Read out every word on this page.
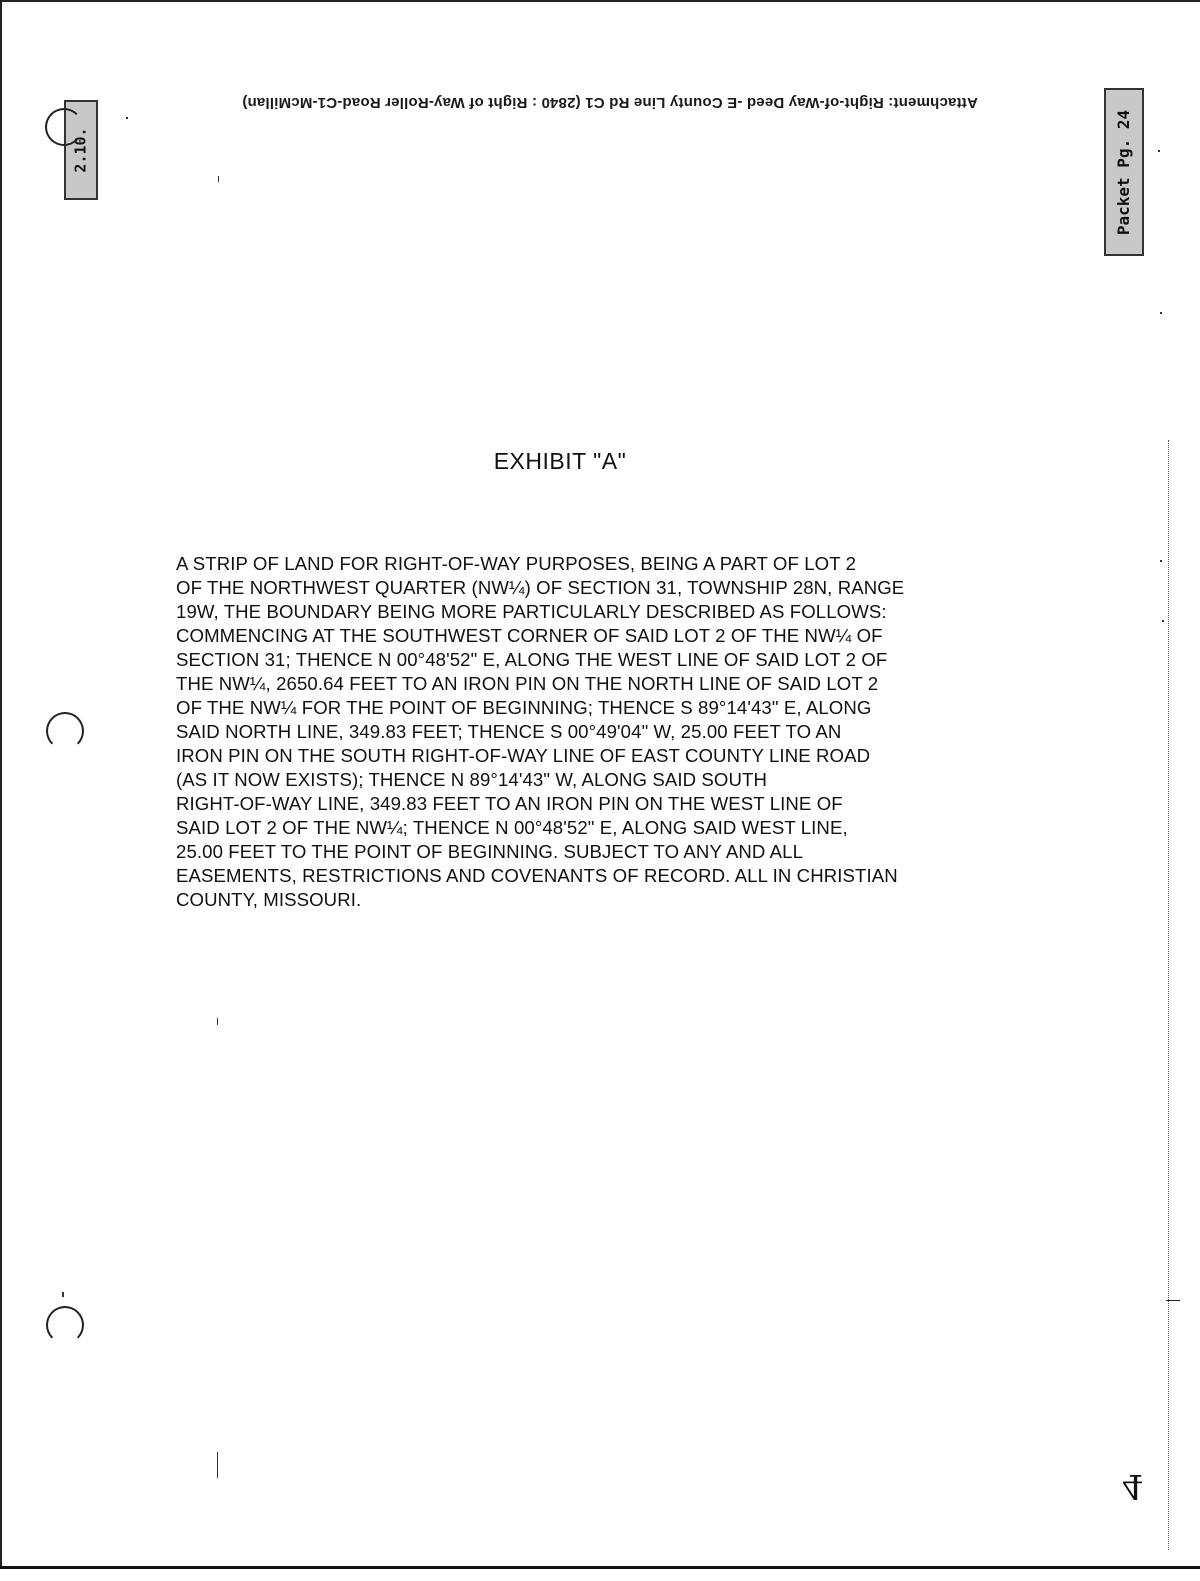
Attachment: Right-of-Way Deed -E County Line Rd C1 (2840 : Right of Way-Roller Road-C1-McMillan)
2.10.	Packet Pg. 24
EXHIBIT "A"
A STRIP OF LAND FOR RIGHT-OF-WAY PURPOSES, BEING A PART OF LOT 2
OF THE NORTHWEST QUARTER (NW¼) OF SECTION 31, TOWNSHIP 28N, RANGE
19W, THE BOUNDARY BEING MORE PARTICULARLY DESCRIBED AS FOLLOWS:
COMMENCING AT THE SOUTHWEST CORNER OF SAID LOT 2 OF THE NW¼ OF
SECTION 31; THENCE N 00°48'52" E, ALONG THE WEST LINE OF SAID LOT 2 OF
THE NW¼, 2650.64 FEET TO AN IRON PIN ON THE NORTH LINE OF SAID LOT 2
OF THE NW¼ FOR THE POINT OF BEGINNING; THENCE S 89°14'43" E, ALONG
SAID NORTH LINE, 349.83 FEET; THENCE S 00°49'04" W, 25.00 FEET TO AN
IRON PIN ON THE SOUTH RIGHT-OF-WAY LINE OF EAST COUNTY LINE ROAD
(AS IT NOW EXISTS); THENCE N 89°14'43" W, ALONG SAID SOUTH
RIGHT-OF-WAY LINE, 349.83 FEET TO AN IRON PIN ON THE WEST LINE OF
SAID LOT 2 OF THE NW¼; THENCE N 00°48'52" E, ALONG SAID WEST LINE,
25.00 FEET TO THE POINT OF BEGINNING. SUBJECT TO ANY AND ALL
EASEMENTS, RESTRICTIONS AND COVENANTS OF RECORD. ALL IN CHRISTIAN
COUNTY, MISSOURI.
4
